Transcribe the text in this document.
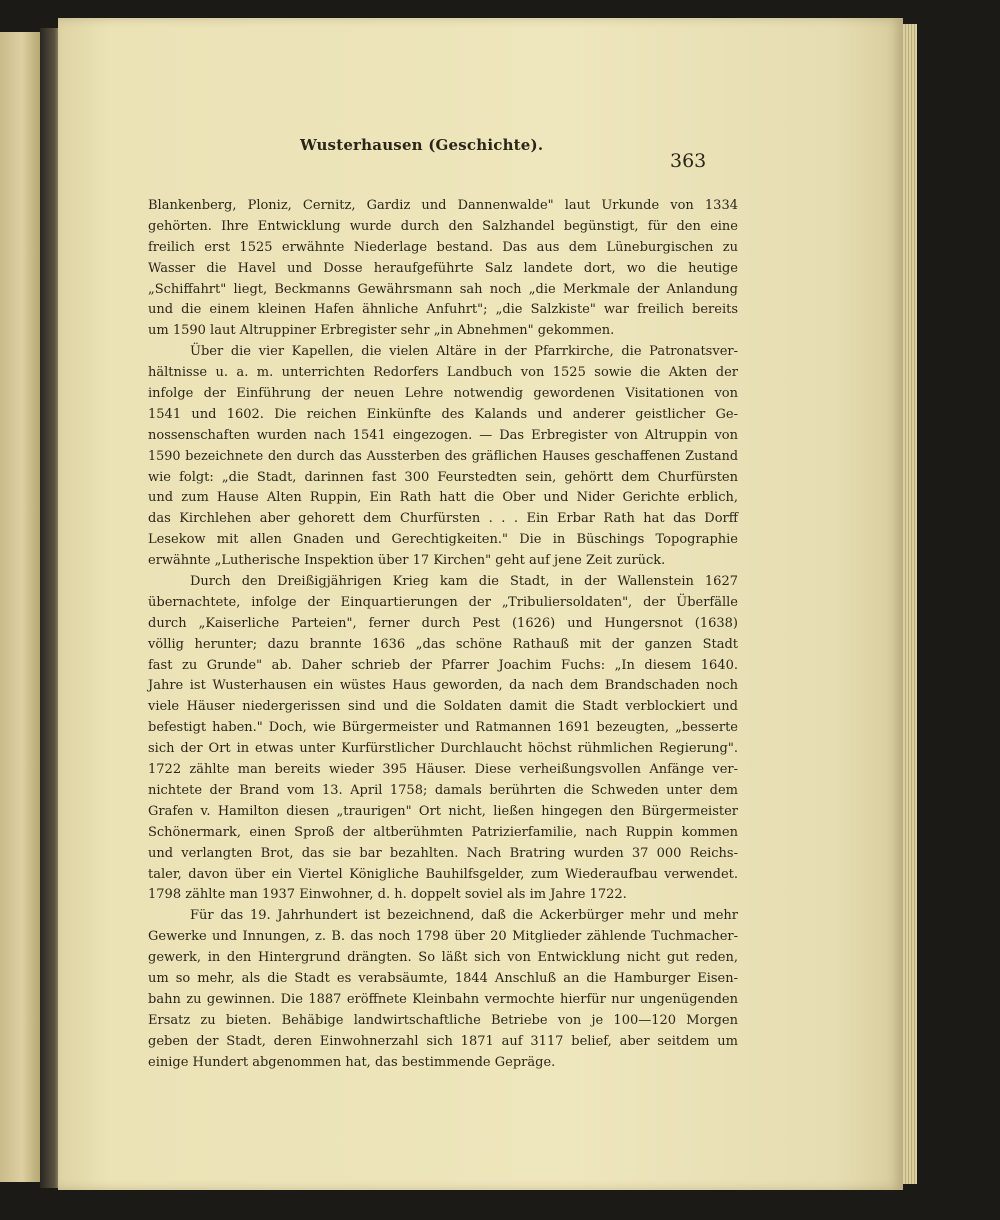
Wusterhausen (Geschichte).
363
Blankenberg, Ploniz, Cernitz, Gardiz und Dannenwalde" laut Urkunde von 1334
gehörten. Ihre Entwicklung wurde durch den Salzhandel begünstigt, für den eine
freilich erst 1525 erwähnte Niederlage bestand. Das aus dem Lüneburgischen zu
Wasser die Havel und Dosse heraufgeführte Salz landete dort, wo die heutige
„Schiffahrt" liegt, Beckmanns Gewährsmann sah noch „die Merkmale der Anlandung
und die einem kleinen Hafen ähnliche Anfuhrt"; „die Salzkiste" war freilich bereits
um 1590 laut Altruppiner Erbregister sehr „in Abnehmen" gekommen.
Über die vier Kapellen, die vielen Altäre in der Pfarrkirche, die Patronatsver-
hältnisse u. a. m. unterrichten Redorfers Landbuch von 1525 sowie die Akten der
infolge der Einführung der neuen Lehre notwendig gewordenen Visitationen von
1541 und 1602. Die reichen Einkünfte des Kalands und anderer geistlicher Ge-
nossenschaften wurden nach 1541 eingezogen. — Das Erbregister von Altruppin von
1590 bezeichnete den durch das Aussterben des gräflichen Hauses geschaffenen Zustand
wie folgt: „die Stadt, darinnen fast 300 Feurstedten sein, gehörtt dem Churfürsten
und zum Hause Alten Ruppin, Ein Rath hatt die Ober und Nider Gerichte erblich,
das Kirchlehen aber gehorett dem Churfürsten . . . Ein Erbar Rath hat das Dorff
Lesekow mit allen Gnaden und Gerechtigkeiten." Die in Büschings Topographie
erwähnte „Lutherische Inspektion über 17 Kirchen" geht auf jene Zeit zurück.
Durch den Dreißigjährigen Krieg kam die Stadt, in der Wallenstein 1627
übernachtete, infolge der Einquartierungen der „Tribuliersoldaten", der Überfälle
durch „Kaiserliche Parteien", ferner durch Pest (1626) und Hungersnot (1638)
völlig herunter; dazu brannte 1636 „das schöne Rathauß mit der ganzen Stadt
fast zu Grunde" ab. Daher schrieb der Pfarrer Joachim Fuchs: „In diesem 1640.
Jahre ist Wusterhausen ein wüstes Haus geworden, da nach dem Brandschaden noch
viele Häuser niedergerissen sind und die Soldaten damit die Stadt verblockiert und
befestigt haben." Doch, wie Bürgermeister und Ratmannen 1691 bezeugten, „besserte
sich der Ort in etwas unter Kurfürstlicher Durchlaucht höchst rühmlichen Regierung".
1722 zählte man bereits wieder 395 Häuser. Diese verheißungsvollen Anfänge ver-
nichtete der Brand vom 13. April 1758; damals berührten die Schweden unter dem
Grafen v. Hamilton diesen „traurigen" Ort nicht, ließen hingegen den Bürgermeister
Schönermark, einen Sproß der altberühmten Patrizierfamilie, nach Ruppin kommen
und verlangten Brot, das sie bar bezahlten. Nach Bratring wurden 37 000 Reichs-
taler, davon über ein Viertel Königliche Bauhilfsgelder, zum Wiederaufbau verwendet.
1798 zählte man 1937 Einwohner, d. h. doppelt soviel als im Jahre 1722.
Für das 19. Jahrhundert ist bezeichnend, daß die Ackerbürger mehr und mehr
Gewerke und Innungen, z. B. das noch 1798 über 20 Mitglieder zählende Tuchmacher-
gewerk, in den Hintergrund drängten. So läßt sich von Entwicklung nicht gut reden,
um so mehr, als die Stadt es verabsäumte, 1844 Anschluß an die Hamburger Eisen-
bahn zu gewinnen. Die 1887 eröffnete Kleinbahn vermochte hierfür nur ungenügenden
Ersatz zu bieten. Behäbige landwirtschaftliche Betriebe von je 100—120 Morgen
geben der Stadt, deren Einwohnerzahl sich 1871 auf 3117 belief, aber seitdem um
einige Hundert abgenommen hat, das bestimmende Gepräge.
